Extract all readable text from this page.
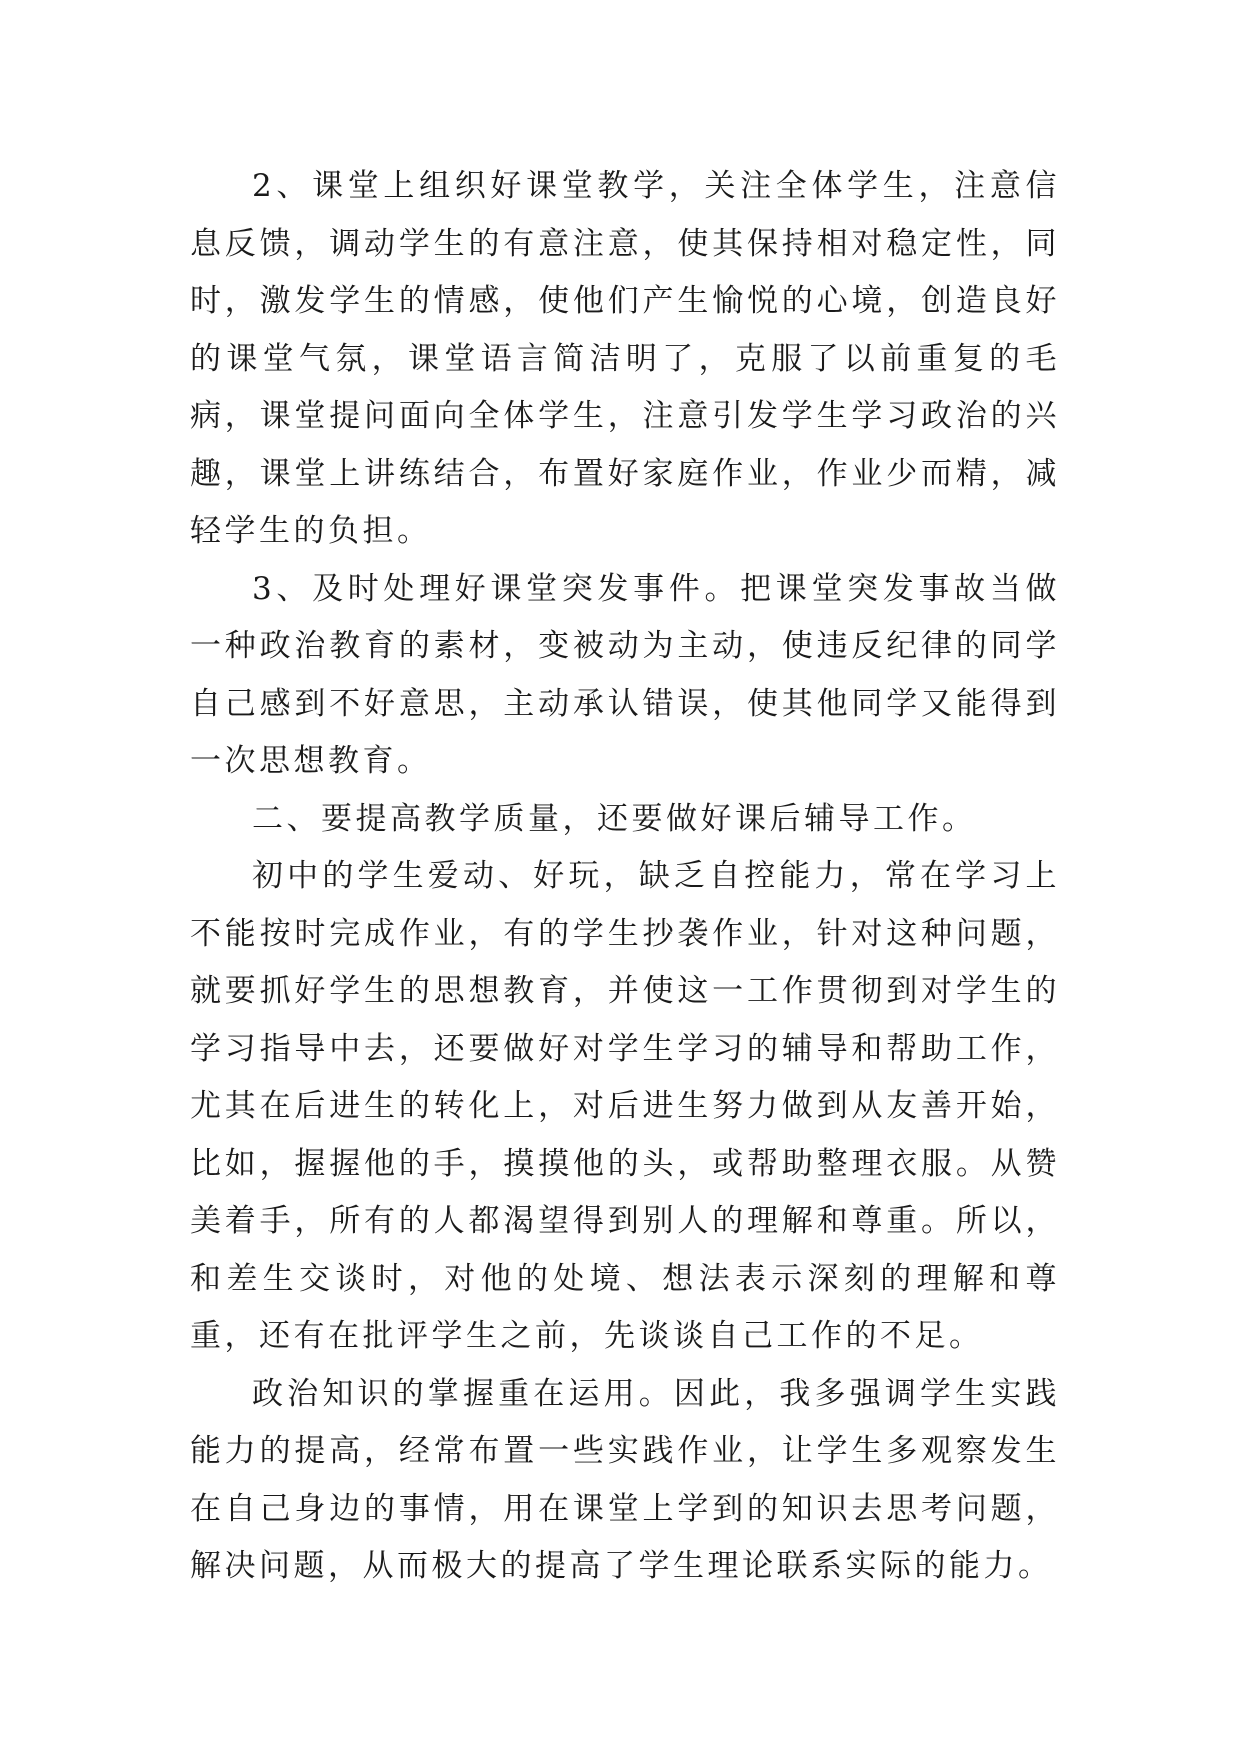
2、课堂上组织好课堂教学，关注全体学生，注意信息反馈，调动学生的有意注意，使其保持相对稳定性，同时，激发学生的情感，使他们产生愉悦的心境，创造良好的课堂气氛，课堂语言简洁明了，克服了以前重复的毛病，课堂提问面向全体学生，注意引发学生学习政治的兴趣，课堂上讲练结合，布置好家庭作业，作业少而精，减轻学生的负担。

3、及时处理好课堂突发事件。把课堂突发事故当做一种政治教育的素材，变被动为主动，使违反纪律的同学自己感到不好意思，主动承认错误，使其他同学又能得到一次思想教育。

二、要提高教学质量，还要做好课后辅导工作。

初中的学生爱动、好玩，缺乏自控能力，常在学习上不能按时完成作业，有的学生抄袭作业，针对这种问题，就要抓好学生的思想教育，并使这一工作贯彻到对学生的学习指导中去，还要做好对学生学习的辅导和帮助工作，尤其在后进生的转化上，对后进生努力做到从友善开始，比如，握握他的手，摸摸他的头，或帮助整理衣服。从赞美着手，所有的人都渴望得到别人的理解和尊重。所以，和差生交谈时，对他的处境、想法表示深刻的理解和尊重，还有在批评学生之前，先谈谈自己工作的不足。

政治知识的掌握重在运用。因此，我多强调学生实践能力的提高，经常布置一些实践作业，让学生多观察发生在自己身边的事情，用在课堂上学到的知识去思考问题，解决问题，从而极大的提高了学生理论联系实际的能力。
